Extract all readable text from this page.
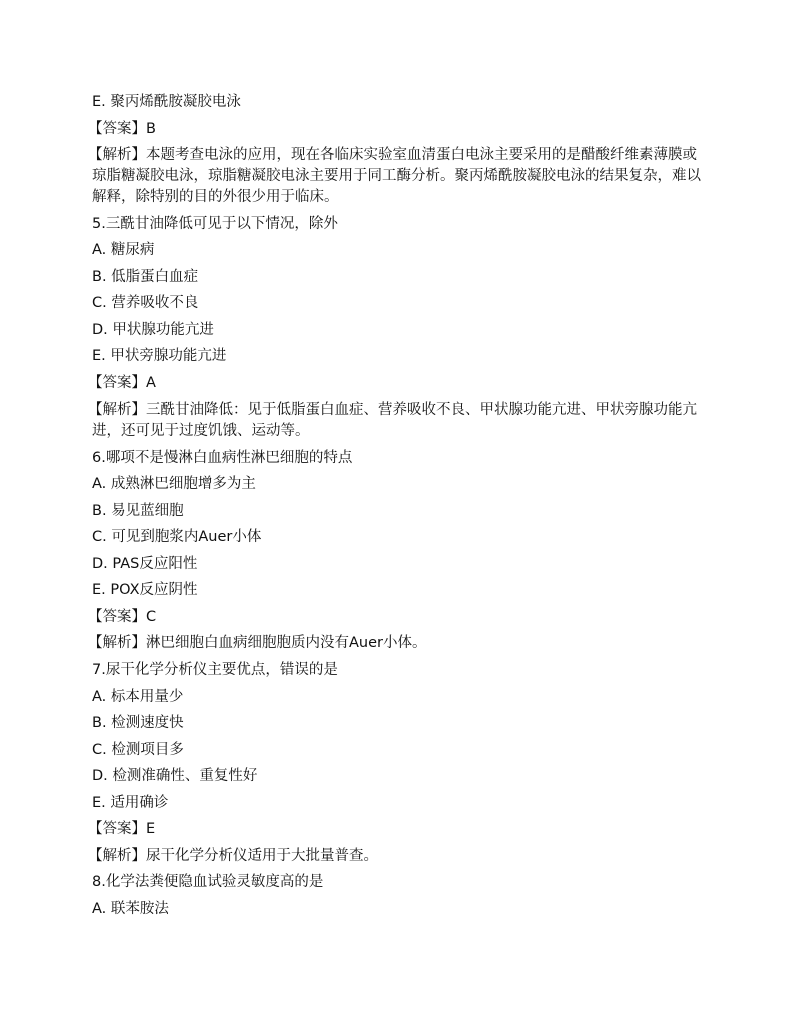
E. 聚丙烯酰胺凝胶电泳
【答案】B
【解析】本题考查电泳的应用，现在各临床实验室血清蛋白电泳主要采用的是醋酸纤维素薄膜或琼脂糖凝胶电泳，琼脂糖凝胶电泳主要用于同工酶分析。聚丙烯酰胺凝胶电泳的结果复杂，难以解释，除特别的目的外很少用于临床。
5.三酰甘油降低可见于以下情况，除外
A. 糖尿病
B. 低脂蛋白血症
C. 营养吸收不良
D. 甲状腺功能亢进
E. 甲状旁腺功能亢进
【答案】A
【解析】三酰甘油降低：见于低脂蛋白血症、营养吸收不良、甲状腺功能亢进、甲状旁腺功能亢进，还可见于过度饥饿、运动等。
6.哪项不是慢淋白血病性淋巴细胞的特点
A. 成熟淋巴细胞增多为主
B. 易见蓝细胞
C. 可见到胞浆内Auer小体
D. PAS反应阳性
E. POX反应阴性
【答案】C
【解析】淋巴细胞白血病细胞胞质内没有Auer小体。
7.尿干化学分析仪主要优点，错误的是
A. 标本用量少
B. 检测速度快
C. 检测项目多
D. 检测准确性、重复性好
E. 适用确诊
【答案】E
【解析】尿干化学分析仪适用于大批量普查。
8.化学法粪便隐血试验灵敏度高的是
A. 联苯胺法
